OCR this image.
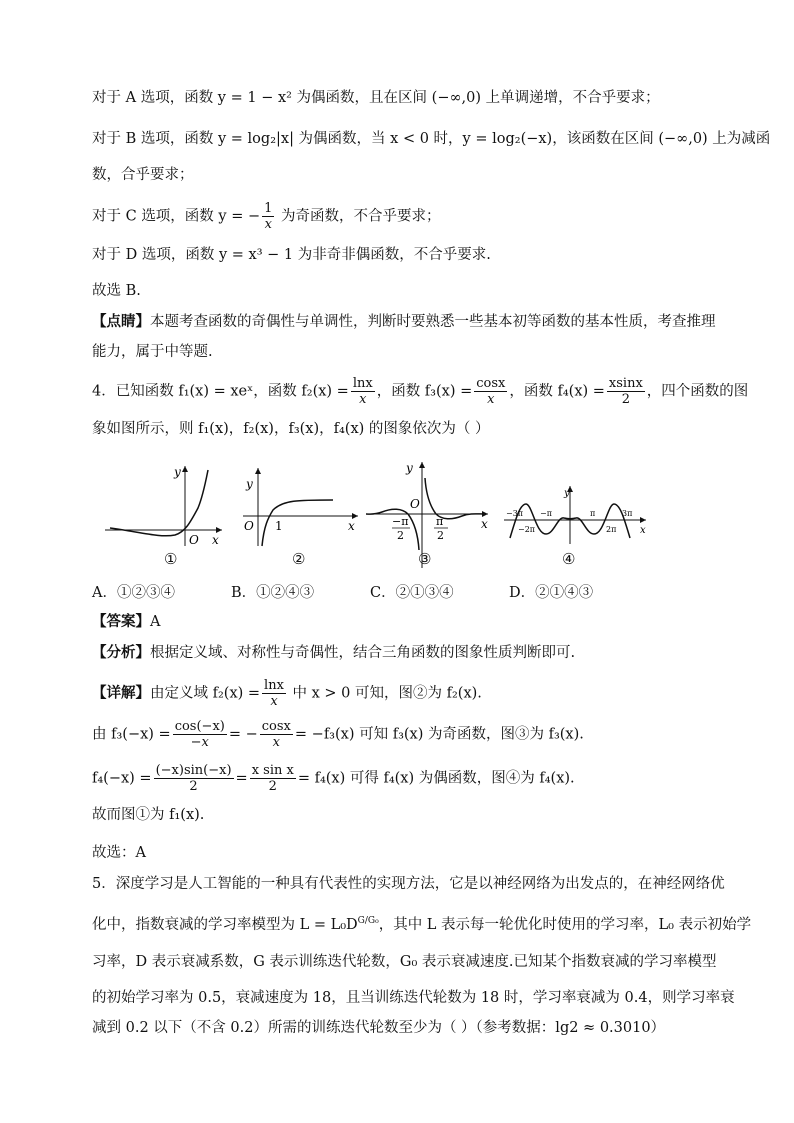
对于 A 选项，函数 y = 1 − x² 为偶函数，且在区间 (−∞,0) 上单调递增，不合乎要求；
对于 B 选项，函数 y = log₂|x| 为偶函数，当 x < 0 时，y = log₂(−x)，该函数在区间 (−∞,0) 上为减函
数，合乎要求；
对于 C 选项，函数 y = − $\frac{1}{x}$ 为奇函数，不合乎要求；
对于 D 选项，函数 y = x³ − 1 为非奇非偶函数，不合乎要求.
故选 B.
【点睛】本题考查函数的奇偶性与单调性，判断时要熟悉一些基本初等函数的基本性质，考查推理
能力，属于中等题.
4．已知函数 f₁(x) = xeˣ，函数 $f_2(x) = \frac{\ln x}{x}$ ，函数 $f_3(x) = \frac{\cos x}{x}$ ，函数 $f_4(x) = \frac{xsinx}{2}$ ，四个函数的图
象如图所示，则 f₁(x)，f₂(x)，f₃(x)，f₄(x) 的图象依次为（ ）
y
x
O
y
x
O 1
y
x
O
−π
2
π
2
y
x
−3π −π	π	3π
−2π	2π
①	②	③	④
A．①②③④	B．①②④③	C．②①③④	D．②①④③
【答案】A
【分析】根据定义域、对称性与奇偶性，结合三角函数的图象性质判断即可.
【详解】由定义域 $f_2(x) = \frac{\ln x}{x}$ 中 x > 0 可知，图②为 f₂(x).
由 $f_3(-x) = \frac{\cos(-x)}{-x}$ = − $\frac{\cos x}{x} = -f_3(x)$ 可知 f₃(x) 为奇函数，图③为 f₃(x).
$f_4(-x) = \frac{(-x)\sin(-x)}{2} = \frac{\text{x sin x}}{2} = f_4(x)$ 可得 f₄(x) 为偶函数，图④为 f₄(x).
故而图①为 f₁(x).
故选：A
5．深度学习是人工智能的一种具有代表性的实现方法，它是以神经网络为出发点的，在神经网络优
化中，指数衰减的学习率模型为 $L = L_0D^{G/G_0}$，其中 L 表示每一轮优化时使用的学习率，L₀ 表示初始学
习率，D 表示衰减系数，G 表示训练迭代轮数，G₀ 表示衰减速度.已知某个指数衰减的学习率模型
的初始学习率为 0.5，衰减速度为 18，且当训练迭代轮数为 18 时，学习率衰减为 0.4，则学习率衰
减到 0.2 以下（不含 0.2）所需的训练迭代轮数至少为（ ）（参考数据：lg2 ≈ 0.3010）
